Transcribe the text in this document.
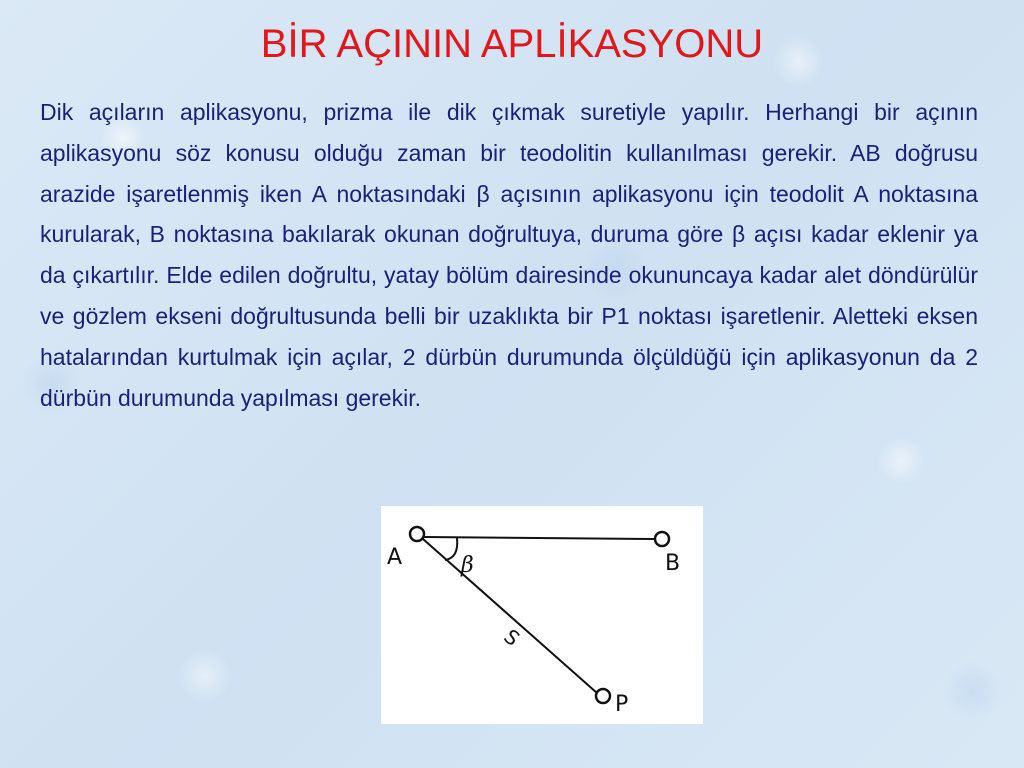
BİR AÇININ APLİKASYONU

Dik açıların aplikasyonu, prizma ile dik çıkmak suretiyle yapılır. Herhangi bir açının aplikasyonu söz konusu olduğu zaman bir teodolitin kullanılması gerekir. AB doğrusu arazide işaretlenmiş iken A noktasındaki β açısının aplikasyonu için teodolit A noktasına kurularak, B noktasına bakılarak okunan doğrultuya, duruma göre β açısı kadar eklenir ya da çıkartılır. Elde edilen doğrultu, yatay bölüm dairesinde okununcaya kadar alet döndürülür ve gözlem ekseni doğrultusunda belli bir uzaklıkta bir P1 noktası işaretlenir. Aletteki eksen hatalarından kurtulmak için açılar, 2 dürbün durumunda ölçüldüğü için aplikasyonun da 2 dürbün durumunda yapılması gerekir.

A	B
P
β
S
